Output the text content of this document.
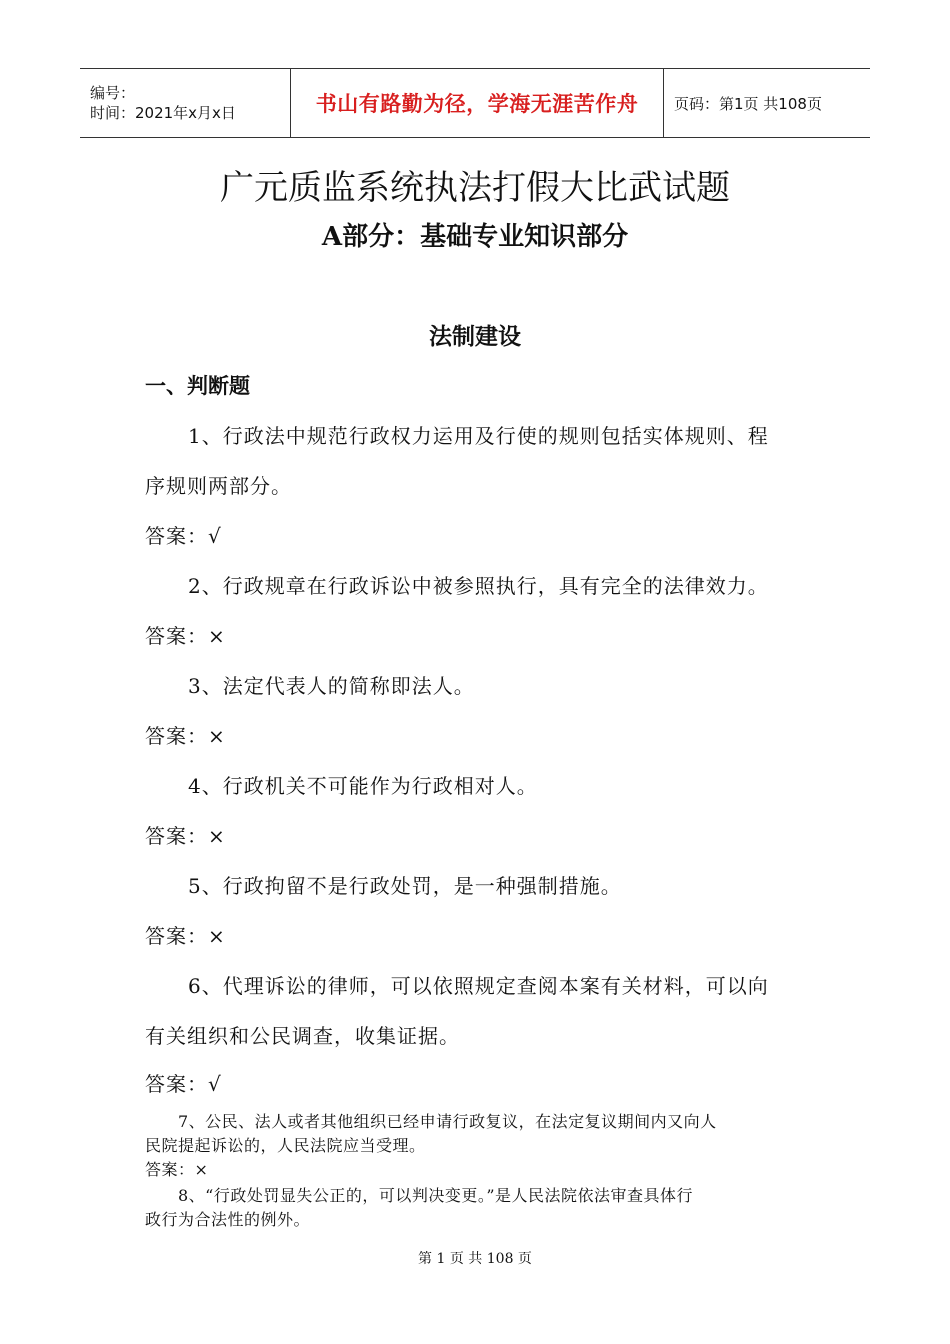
编号：
时间：2021年x月x日	书山有路勤为径，学海无涯苦作舟 页码：第1页 共108页
广元质监系统执法打假大比武试题
A部分：基础专业知识部分
法制建设
一、判断题
1、行政法中规范行政权力运用及行使的规则包括实体规则、程
序规则两部分。
答案：√
2、行政规章在行政诉讼中被参照执行，具有完全的法律效力。
答案：×
3、法定代表人的简称即法人。
答案：×
4、行政机关不可能作为行政相对人。
答案：×
5、行政拘留不是行政处罚，是一种强制措施。
答案：×
6、代理诉讼的律师，可以依照规定查阅本案有关材料，可以向
有关组织和公民调查，收集证据。
答案：√
7、公民、法人或者其他组织已经申请行政复议，在法定复议期间内又向人
民院提起诉讼的，人民法院应当受理。
答案：×
8、“行政处罚显失公正的，可以判决变更。”是人民法院依法审查具体行
政行为合法性的例外。
第 1 页 共 108 页
